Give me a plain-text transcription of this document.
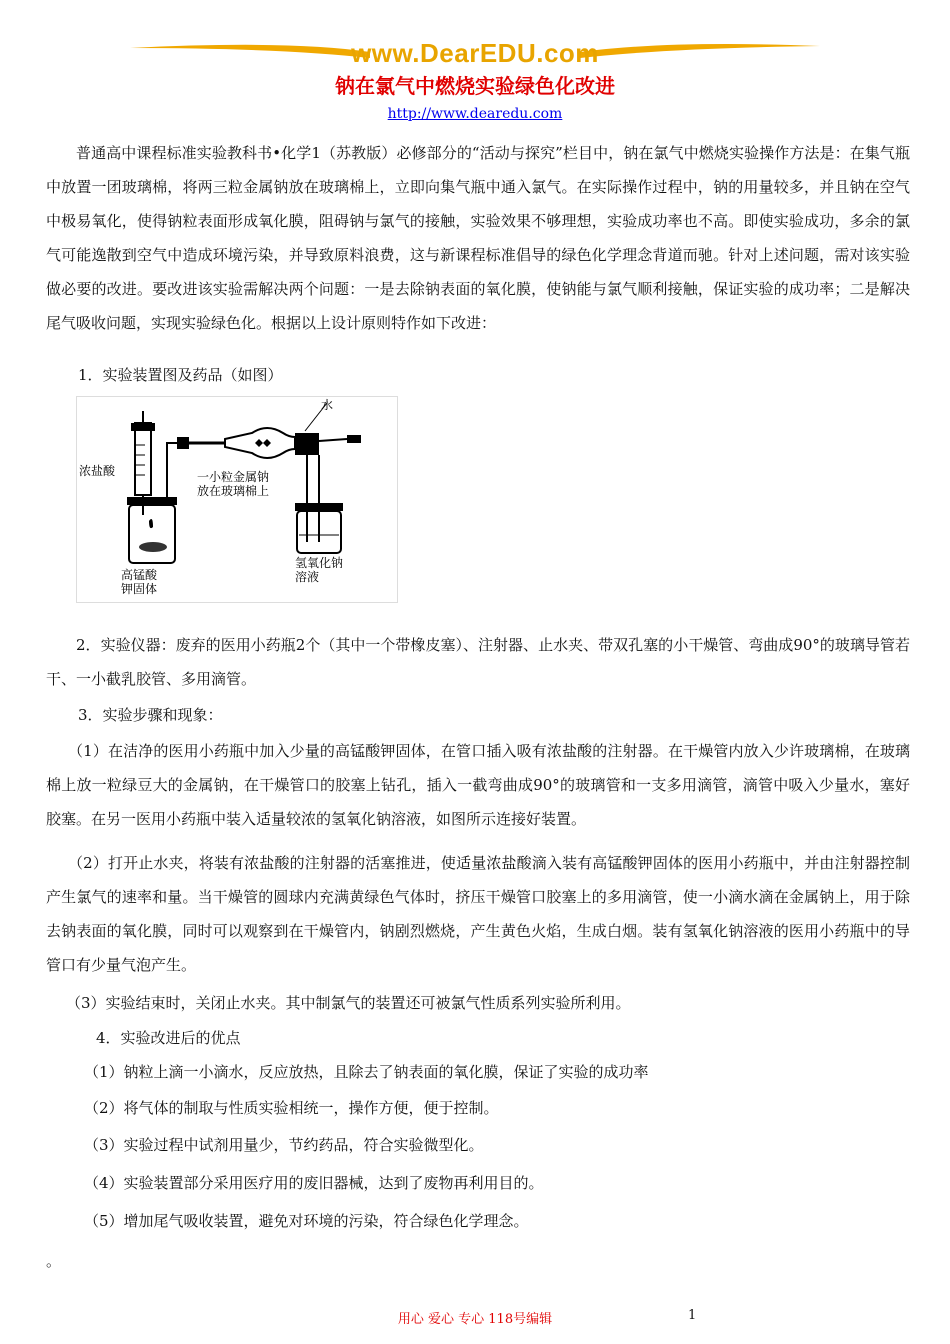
www.DearEDU.com
钠在氯气中燃烧实验绿色化改进
http://www.dearedu.com
普通高中课程标准实验教科书•化学1（苏教版）必修部分的“活动与探究”栏目中，钠在氯气中燃烧实验操作方法是：在集气瓶中放置一团玻璃棉，将两三粒金属钠放在玻璃棉上，立即向集气瓶中通入氯气。在实际操作过程中，钠的用量较多，并且钠在空气中极易氧化，使得钠粒表面形成氧化膜，阻碍钠与氯气的接触，实验效果不够理想，实验成功率也不高。即使实验成功，多余的氯气可能逸散到空气中造成环境污染，并导致原料浪费，这与新课程标准倡导的绿色化学理念背道而驰。针对上述问题，需对该实验做必要的改进。要改进该实验需解决两个问题：一是去除钠表面的氧化膜，使钠能与氯气顺利接触，保证实验的成功率；二是解决尾气吸收问题，实现实验绿色化。根据以上设计原则特作如下改进：
1．实验装置图及药品（如图）
水
浓盐酸	一小粒金属钠
放在玻璃棉上
高锰酸
钾固体
氢氧化钠
溶液
2．实验仪器：废弃的医用小药瓶2个（其中一个带橡皮塞）、注射器、止水夹、带双孔塞的小干燥管、弯曲成90°的玻璃导管若干、一小截乳胶管、多用滴管。
3．实验步骤和现象：
（1）在洁净的医用小药瓶中加入少量的高锰酸钾固体，在管口插入吸有浓盐酸的注射器。在干燥管内放入少许玻璃棉，在玻璃棉上放一粒绿豆大的金属钠，在干燥管口的胶塞上钻孔，插入一截弯曲成90°的玻璃管和一支多用滴管，滴管中吸入少量水，塞好胶塞。在另一医用小药瓶中装入适量较浓的氢氧化钠溶液，如图所示连接好装置。
（2）打开止水夹，将装有浓盐酸的注射器的活塞推进，使适量浓盐酸滴入装有高锰酸钾固体的医用小药瓶中，并由注射器控制产生氯气的速率和量。当干燥管的圆球内充满黄绿色气体时，挤压干燥管口胶塞上的多用滴管，使一小滴水滴在金属钠上，用于除去钠表面的氧化膜，同时可以观察到在干燥管内，钠剧烈燃烧，产生黄色火焰，生成白烟。装有氢氧化钠溶液的医用小药瓶中的导管口有少量气泡产生。
（3）实验结束时，关闭止水夹。其中制氯气的装置还可被氯气性质系列实验所利用。
4．实验改进后的优点
（1）钠粒上滴一小滴水，反应放热，且除去了钠表面的氧化膜，保证了实验的成功率
（2）将气体的制取与性质实验相统一，操作方便，便于控制。
（3）实验过程中试剂用量少，节约药品，符合实验微型化。
（4）实验装置部分采用医疗用的废旧器械，达到了废物再利用目的。
（5）增加尾气吸收装置，避免对环境的污染，符合绿色化学理念。
。
用心 爱心 专心 118号编辑	1
